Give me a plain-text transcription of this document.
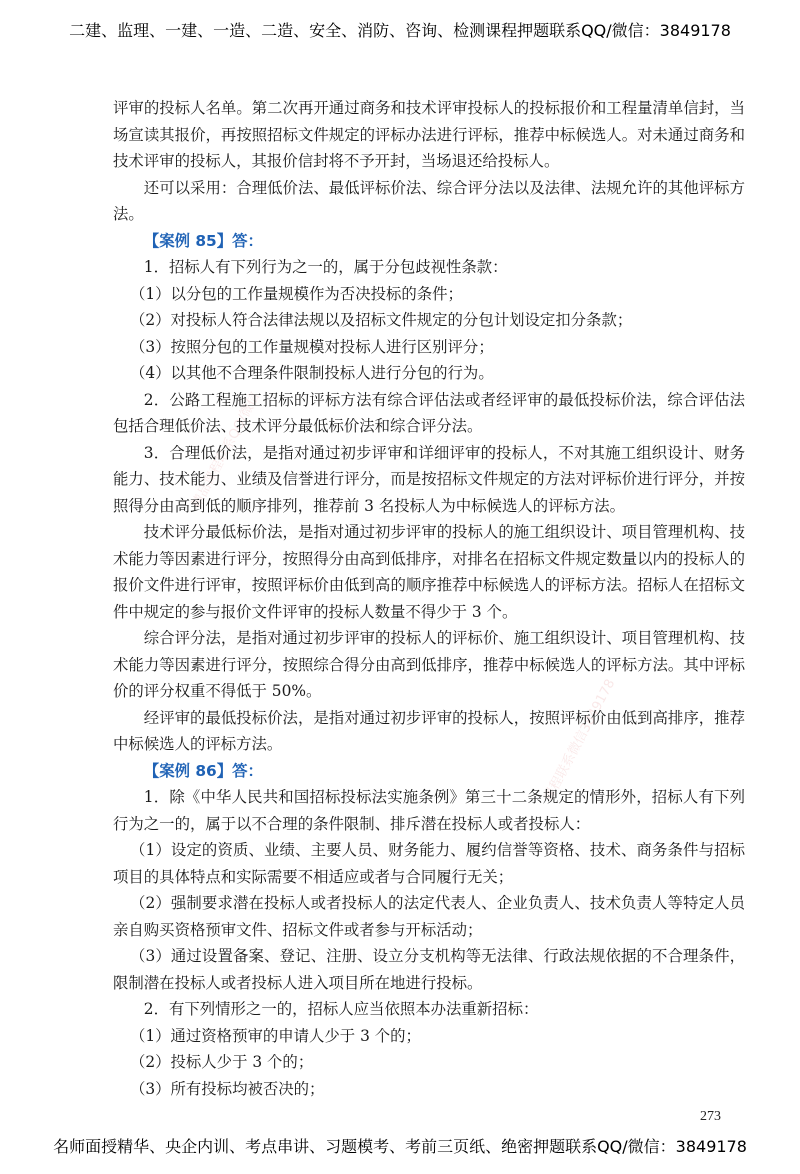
二建、监理、一建、一造、二造、安全、消防、咨询、检测课程押题联系QQ/微信：3849178
精品课程联系QQ/微信
课程联系微信3849178

评审的投标人名单。第二次再开通过商务和技术评审投标人的投标报价和工程量清单信封，当场宣读其报价，再按照招标文件规定的评标办法进行评标，推荐中标候选人。对未通过商务和技术评审的投标人，其报价信封将不予开封，当场退还给投标人。

还可以采用：合理低价法、最低评标价法、综合评分法以及法律、法规允许的其他评标方法。

【案例 85】答：

1．招标人有下列行为之一的，属于分包歧视性条款：

（1）以分包的工作量规模作为否决投标的条件；

（2）对投标人符合法律法规以及招标文件规定的分包计划设定扣分条款；

（3）按照分包的工作量规模对投标人进行区别评分；

（4）以其他不合理条件限制投标人进行分包的行为。

2．公路工程施工招标的评标方法有综合评估法或者经评审的最低投标价法，综合评估法包括合理低价法、技术评分最低标价法和综合评分法。

3．合理低价法，是指对通过初步评审和详细评审的投标人，不对其施工组织设计、财务能力、技术能力、业绩及信誉进行评分，而是按招标文件规定的方法对评标价进行评分，并按照得分由高到低的顺序排列，推荐前 3 名投标人为中标候选人的评标方法。

技术评分最低标价法，是指对通过初步评审的投标人的施工组织设计、项目管理机构、技术能力等因素进行评分，按照得分由高到低排序，对排名在招标文件规定数量以内的投标人的报价文件进行评审，按照评标价由低到高的顺序推荐中标候选人的评标方法。招标人在招标文件中规定的参与报价文件评审的投标人数量不得少于 3 个。

综合评分法，是指对通过初步评审的投标人的评标价、施工组织设计、项目管理机构、技术能力等因素进行评分，按照综合得分由高到低排序，推荐中标候选人的评标方法。其中评标价的评分权重不得低于 50%。

经评审的最低投标价法，是指对通过初步评审的投标人，按照评标价由低到高排序，推荐中标候选人的评标方法。

【案例 86】答：

1．除《中华人民共和国招标投标法实施条例》第三十二条规定的情形外，招标人有下列行为之一的，属于以不合理的条件限制、排斥潜在投标人或者投标人：

（1）设定的资质、业绩、主要人员、财务能力、履约信誉等资格、技术、商务条件与招标项目的具体特点和实际需要不相适应或者与合同履行无关；

（2）强制要求潜在投标人或者投标人的法定代表人、企业负责人、技术负责人等特定人员亲自购买资格预审文件、招标文件或者参与开标活动；

（3）通过设置备案、登记、注册、设立分支机构等无法律、行政法规依据的不合理条件，限制潜在投标人或者投标人进入项目所在地进行投标。

2．有下列情形之一的，招标人应当依照本办法重新招标：

（1）通过资格预审的申请人少于 3 个的；

（2）投标人少于 3 个的；

（3）所有投标均被否决的；

273
名师面授精华、央企内训、考点串讲、习题模考、考前三页纸、绝密押题联系QQ/微信：3849178
